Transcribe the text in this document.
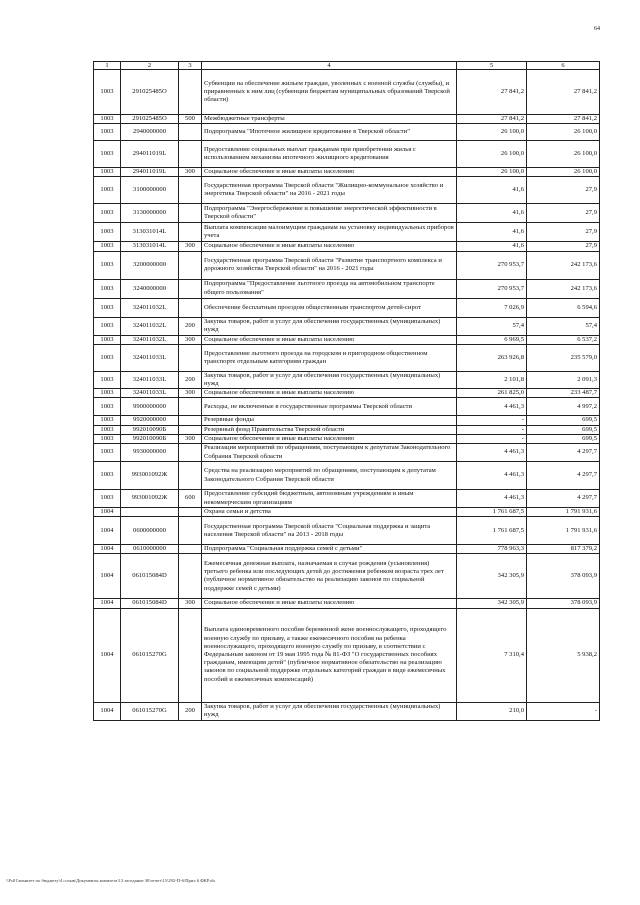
64
1	2	3	4	5	6
1003	291025485О		Субвенции на обеспечение жильем граждан, уволенных с военной службы (службы), и приравненных к ним лиц (субвенции бюджетам муниципальных образований Тверской области)	27 841,2	27 841,2
1003	291025485О	500	Межбюджетные трансферты	27 841,2	27 841,2
1003	2940000000		Подпрограмма "Ипотечное жилищное кредитование в Тверской области"	26 100,0	26 100,0
1003	294011019L		Предоставление социальных выплат гражданам при приобретении жилья с использованием механизма ипотечного жилищного кредитования	26 100,0	26 100,0
1003	294011019L	300	Социальное обеспечение и иные выплаты населению	26 100,0	26 100,0
1003	3100000000		Государственная программа Тверской области "Жилищно-коммунальное хозяйство и энергетика Тверской области" на 2016 - 2021 годы	41,6	27,9
1003	3130000000		Подпрограмма "Энергосбережение и повышение энергетической эффективности в Тверской области"	41,6	27,9
1003	313031014L		Выплата компенсации малоимущим гражданам на установку индивидуальных приборов учета	41,6	27,9
1003	313031014L	300	Социальное обеспечение и иные выплаты населению	41,6	27,9
1003	3200000000		Государственная программа Тверской области "Развитие транспортного комплекса и дорожного хозяйства Тверской области" на 2016 - 2021 годы	270 953,7	242 173,6
1003	3240000000		Подпрограмма "Предоставление льготного проезда на автомобильном транспорте общего пользования"	270 953,7	242 173,6
1003	324011032L		Обеспечение бесплатным проездом общественным транспортом детей-сирот	7 026,9	6 594,6
1003	324011032L	200	Закупка товаров, работ и услуг для обеспечения государственных (муниципальных) нужд	57,4	57,4
1003	324011032L	300	Социальное обеспечение и иные выплаты населению	6 969,5	6 537,2
1003	324011033L		Предоставление льготного проезда на городском и пригородном общественном транспорте отдельным категориям граждан	263 926,8	235 579,0
1003	324011033L	200	Закупка товаров, работ и услуг для обеспечения государственных (муниципальных) нужд	2 101,8	2 091,3
1003	324011033L	300	Социальное обеспечение и иные выплаты населению	261 825,0	233 487,7
1003	9900000000		Расходы, не включенные в государственные программы Тверской области	4 461,3	4 997,2
1003	9920000000		Резервные фонды	-	699,5
1003	992010090Б		Резервный фонд Правительства Тверской области	-	699,5
1003	992010090Б	300	Социальное обеспечение и иные выплаты населению	-	699,5
1003	9930000000		Реализация мероприятий по обращениям, поступающим к депутатам Законодательного Собрания Тверской области	4 461,3	4 297,7
1003	993001092Ж		Средства на реализацию мероприятий по обращениям, поступающим к депутатам Законодательного Собрания Тверской области	4 461,3	4 297,7
1003	993001092Ж	600	Предоставление субсидий бюджетным, автономным учреждениям и иным некоммерческим организациям	4 461,3	4 297,7
1004			Охрана семьи и детства	1 761 687,5	1 791 931,6
1004	0600000000		Государственная программа Тверской области "Социальная поддержка и защита населения Тверской области" на 2013 - 2018 годы	1 761 687,5	1 791 931,6
1004	0610000000		Подпрограмма "Социальная поддержка семей с детьми"	778 963,3	817 379,2
1004	061015084D		Ежемесячная денежная выплата, назначаемая в случае рождения (усыновления) третьего ребенка или последующих детей до достижения ребенком возраста трех лет (публичное нормативное обязательство на реализацию законов по социальной поддержке семей с детьми)	342 305,9	378 093,9
1004	061015084D	300	Социальное обеспечение и иные выплаты населению	342 305,9	378 093,9
1004	061015270G		Выплата единовременного пособия беременной жене военнослужащего, проходящего военную службу по призыву, а также ежемесячного пособия на ребенка военнослужащего, проходящего военную службу по призыву, в соответствии с Федеральным законом от 19 мая 1995 года № 81-ФЗ "О государственных пособиях гражданам, имеющим детей" (публичное нормативное обязательство на реализацию законов по социальной поддержке отдельных категорий граждан в виде ежемесячных пособий и ежемесячных компенсаций)	7 310,4	5 938,2
1004	061015270G	200	Закупка товаров, работ и услуг для обеспечения государственных (муниципальных) нужд	210,0	-
\\Fs01\комитет по бюджету\4 созыв\Документы комитета\13 заседание 30\отчет\13\292-П-6\Прил 6 ФКР.xls
